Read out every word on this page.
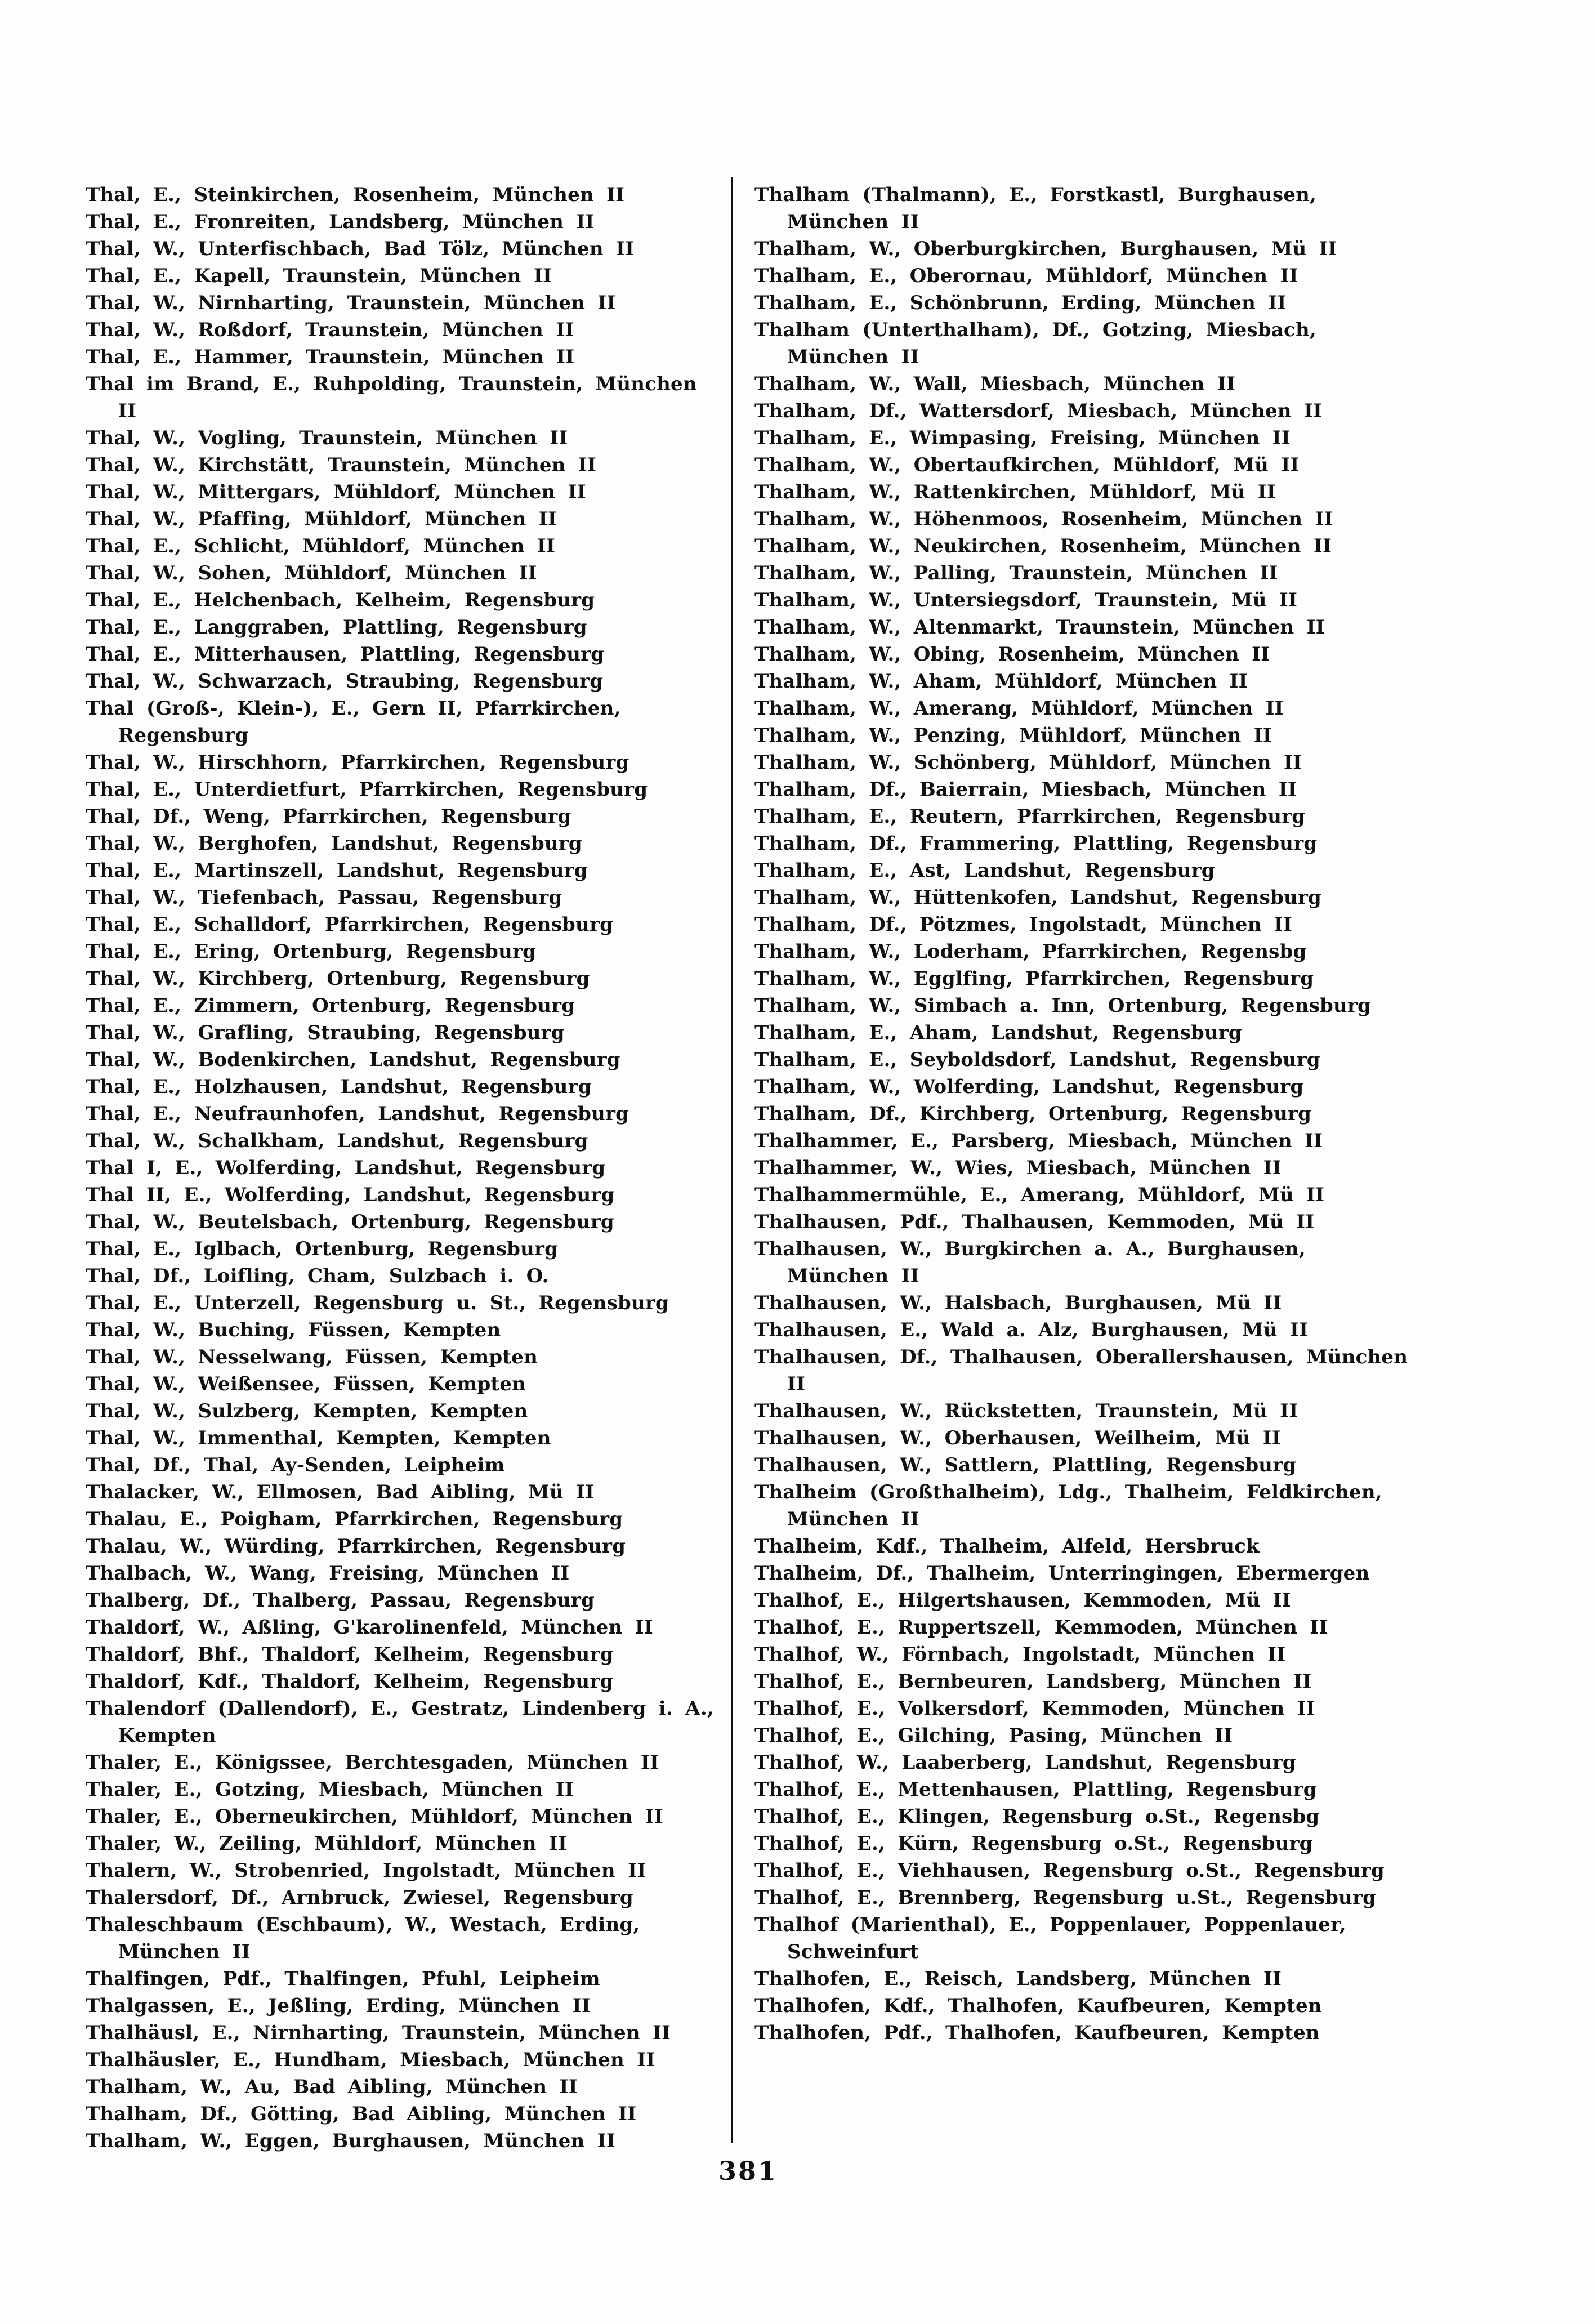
Thal, E., Steinkirchen, Rosenheim, München II
Thal, E., Fronreiten, Landsberg, München II
Thal, W., Unterfischbach, Bad Tölz, München II
Thal, E., Kapell, Traunstein, München II
Thal, W., Nirnharting, Traunstein, München II
Thal, W., Roßdorf, Traunstein, München II
Thal, E., Hammer, Traunstein, München II
Thal im Brand, E., Ruhpolding, Traunstein, München II
Thal, W., Vogling, Traunstein, München II
Thal, W., Kirchstätt, Traunstein, München II
Thal, W., Mittergars, Mühldorf, München II
Thal, W., Pfaffing, Mühldorf, München II
Thal, E., Schlicht, Mühldorf, München II
Thal, W., Sohen, Mühldorf, München II
Thal, E., Helchenbach, Kelheim, Regensburg
Thal, E., Langgraben, Plattling, Regensburg
Thal, E., Mitterhausen, Plattling, Regensburg
Thal, W., Schwarzach, Straubing, Regensburg
Thal (Groß-, Klein-), E., Gern II, Pfarrkirchen, Regensburg
Thal, W., Hirschhorn, Pfarrkirchen, Regensburg
Thal, E., Unterdietfurt, Pfarrkirchen, Regensburg
Thal, Df., Weng, Pfarrkirchen, Regensburg
Thal, W., Berghofen, Landshut, Regensburg
Thal, E., Martinszell, Landshut, Regensburg
Thal, W., Tiefenbach, Passau, Regensburg
Thal, E., Schalldorf, Pfarrkirchen, Regensburg
Thal, E., Ering, Ortenburg, Regensburg
Thal, W., Kirchberg, Ortenburg, Regensburg
Thal, E., Zimmern, Ortenburg, Regensburg
Thal, W., Grafling, Straubing, Regensburg
Thal, W., Bodenkirchen, Landshut, Regensburg
Thal, E., Holzhausen, Landshut, Regensburg
Thal, E., Neufraunhofen, Landshut, Regensburg
Thal, W., Schalkham, Landshut, Regensburg
Thal I, E., Wolferding, Landshut, Regensburg
Thal II, E., Wolferding, Landshut, Regensburg
Thal, W., Beutelsbach, Ortenburg, Regensburg
Thal, E., Iglbach, Ortenburg, Regensburg
Thal, Df., Loifling, Cham, Sulzbach i. O.
Thal, E., Unterzell, Regensburg u. St., Regensburg
Thal, W., Buching, Füssen, Kempten
Thal, W., Nesselwang, Füssen, Kempten
Thal, W., Weißensee, Füssen, Kempten
Thal, W., Sulzberg, Kempten, Kempten
Thal, W., Immenthal, Kempten, Kempten
Thal, Df., Thal, Ay-Senden, Leipheim
Thalacker, W., Ellmosen, Bad Aibling, Mü II
Thalau, E., Poigham, Pfarrkirchen, Regensburg
Thalau, W., Würding, Pfarrkirchen, Regensburg
Thalbach, W., Wang, Freising, München II
Thalberg, Df., Thalberg, Passau, Regensburg
Thaldorf, W., Aßling, G'karolinenfeld, München II
Thaldorf, Bhf., Thaldorf, Kelheim, Regensburg
Thaldorf, Kdf., Thaldorf, Kelheim, Regensburg
Thalendorf (Dallendorf), E., Gestratz, Lindenberg i. A., Kempten
Thaler, E., Königssee, Berchtesgaden, München II
Thaler, E., Gotzing, Miesbach, München II
Thaler, E., Oberneukirchen, Mühldorf, München II
Thaler, W., Zeiling, Mühldorf, München II
Thalern, W., Strobenried, Ingolstadt, München II
Thalersdorf, Df., Arnbruck, Zwiesel, Regensburg
Thaleschbaum (Eschbaum), W., Westach, Erding, München II
Thalfingen, Pdf., Thalfingen, Pfuhl, Leipheim
Thalgassen, E., Jeßling, Erding, München II
Thalhäusl, E., Nirnharting, Traunstein, München II
Thalhäusler, E., Hundham, Miesbach, München II
Thalham, W., Au, Bad Aibling, München II
Thalham, Df., Götting, Bad Aibling, München II
Thalham, W., Eggen, Burghausen, München II
Thalham (Thalmann), E., Forstkastl, Burghausen, München II
Thalham, W., Oberburgkirchen, Burghausen, Mü II
Thalham, E., Oberornau, Mühldorf, München II
Thalham, E., Schönbrunn, Erding, München II
Thalham (Unterthalham), Df., Gotzing, Miesbach, München II
Thalham, W., Wall, Miesbach, München II
Thalham, Df., Wattersdorf, Miesbach, München II
Thalham, E., Wimpasing, Freising, München II
Thalham, W., Obertaufkirchen, Mühldorf, Mü II
Thalham, W., Rattenkirchen, Mühldorf, Mü II
Thalham, W., Höhenmoos, Rosenheim, München II
Thalham, W., Neukirchen, Rosenheim, München II
Thalham, W., Palling, Traunstein, München II
Thalham, W., Untersiegsdorf, Traunstein, Mü II
Thalham, W., Altenmarkt, Traunstein, München II
Thalham, W., Obing, Rosenheim, München II
Thalham, W., Aham, Mühldorf, München II
Thalham, W., Amerang, Mühldorf, München II
Thalham, W., Penzing, Mühldorf, München II
Thalham, W., Schönberg, Mühldorf, München II
Thalham, Df., Baierrain, Miesbach, München II
Thalham, E., Reutern, Pfarrkirchen, Regensburg
Thalham, Df., Frammering, Plattling, Regensburg
Thalham, E., Ast, Landshut, Regensburg
Thalham, W., Hüttenkofen, Landshut, Regensburg
Thalham, Df., Pötzmes, Ingolstadt, München II
Thalham, W., Loderham, Pfarrkirchen, Regensbg
Thalham, W., Egglfing, Pfarrkirchen, Regensburg
Thalham, W., Simbach a. Inn, Ortenburg, Regensburg
Thalham, E., Aham, Landshut, Regensburg
Thalham, E., Seyboldsdorf, Landshut, Regensburg
Thalham, W., Wolferding, Landshut, Regensburg
Thalham, Df., Kirchberg, Ortenburg, Regensburg
Thalhammer, E., Parsberg, Miesbach, München II
Thalhammer, W., Wies, Miesbach, München II
Thalhammermühle, E., Amerang, Mühldorf, Mü II
Thalhausen, Pdf., Thalhausen, Kemmoden, Mü II
Thalhausen, W., Burgkirchen a. A., Burghausen, München II
Thalhausen, W., Halsbach, Burghausen, Mü II
Thalhausen, E., Wald a. Alz, Burghausen, Mü II
Thalhausen, Df., Thalhausen, Oberallershausen, München II
Thalhausen, W., Rückstetten, Traunstein, Mü II
Thalhausen, W., Oberhausen, Weilheim, Mü II
Thalhausen, W., Sattlern, Plattling, Regensburg
Thalheim (Großthalheim), Ldg., Thalheim, Feldkirchen, München II
Thalheim, Kdf., Thalheim, Alfeld, Hersbruck
Thalheim, Df., Thalheim, Unterringingen, Ebermergen
Thalhof, E., Hilgertshausen, Kemmoden, Mü II
Thalhof, E., Ruppertszell, Kemmoden, München II
Thalhof, W., Förnbach, Ingolstadt, München II
Thalhof, E., Bernbeuren, Landsberg, München II
Thalhof, E., Volkersdorf, Kemmoden, München II
Thalhof, E., Gilching, Pasing, München II
Thalhof, W., Laaberberg, Landshut, Regensburg
Thalhof, E., Mettenhausen, Plattling, Regensburg
Thalhof, E., Klingen, Regensburg o.St., Regensbg
Thalhof, E., Kürn, Regensburg o.St., Regensburg
Thalhof, E., Viehhausen, Regensburg o.St., Regensburg
Thalhof, E., Brennberg, Regensburg u.St., Regensburg
Thalhof (Marienthal), E., Poppenlauer, Poppenlauer, Schweinfurt
Thalhofen, E., Reisch, Landsberg, München II
Thalhofen, Kdf., Thalhofen, Kaufbeuren, Kempten
Thalhofen, Pdf., Thalhofen, Kaufbeuren, Kempten
381
